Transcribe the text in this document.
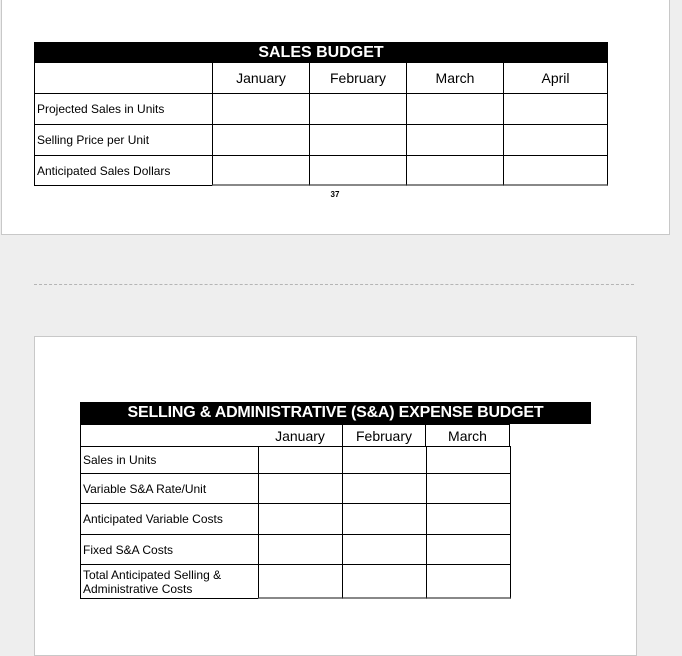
SALES BUDGET
January	February	March	April
Projected Sales in Units
Selling Price per Unit
Anticipated Sales Dollars
37
SELLING & ADMINISTRATIVE (S&A) EXPENSE BUDGET
January	February	March
Sales in Units
Variable S&A Rate/Unit
Anticipated Variable Costs
Fixed S&A Costs
Total Anticipated Selling & Administrative Costs
